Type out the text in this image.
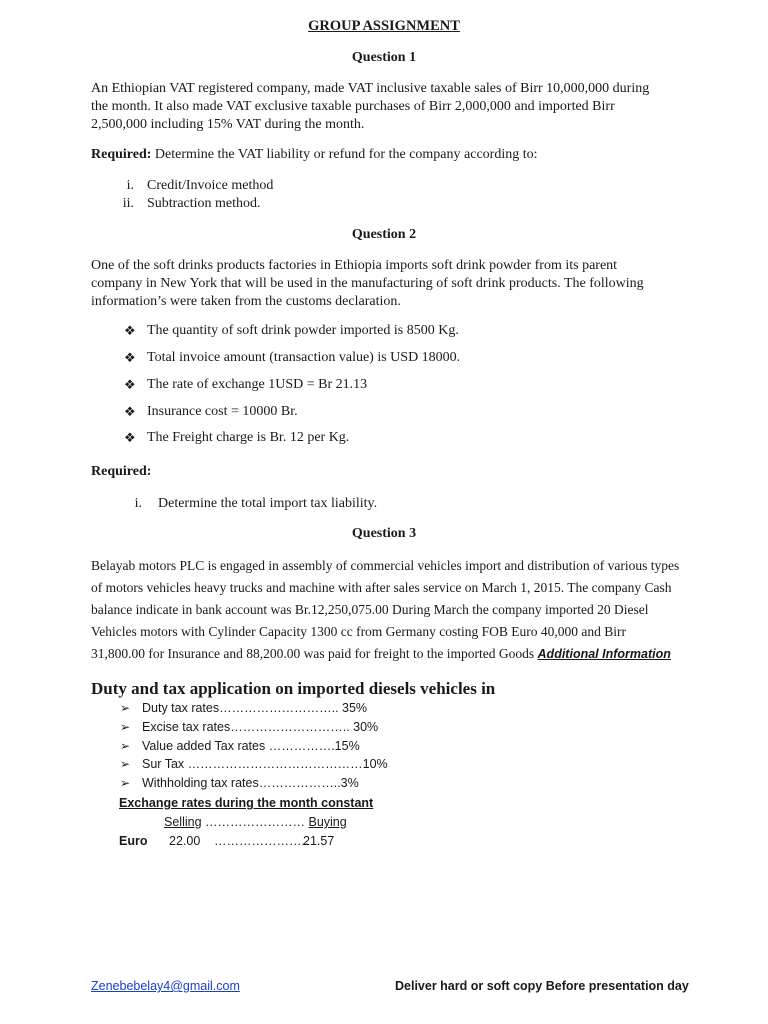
GROUP ASSIGNMENT
Question 1
An Ethiopian VAT registered company, made VAT inclusive taxable sales of Birr 10,000,000 during
the month. It also made VAT exclusive taxable purchases of Birr 2,000,000 and imported Birr
2,500,000 including 15% VAT during the month.
Required: Determine the VAT liability or refund for the company according to:
i. Credit/Invoice method
ii. Subtraction method.
Question 2
One of the soft drinks products factories in Ethiopia imports soft drink powder from its parent
company in New York that will be used in the manufacturing of soft drink products. The following
information’s were taken from the customs declaration.
❖ The quantity of soft drink powder imported is 8500 Kg.
❖ Total invoice amount (transaction value) is USD 18000.
❖ The rate of exchange 1USD = Br 21.13
❖ Insurance cost = 10000 Br.
❖ The Freight charge is Br. 12 per Kg.
Required:
i. Determine the total import tax liability.
Question 3
Belayab motors PLC is engaged in assembly of commercial vehicles import and distribution of various types
of motors vehicles heavy trucks and machine with after sales service on March 1, 2015. The company Cash
balance indicate in bank account was Br.12,250,075.00 During March the company imported 20 Diesel
Vehicles motors with Cylinder Capacity 1300 cc from Germany costing FOB Euro 40,000 and Birr
31,800.00 for Insurance and 88,200.00 was paid for freight to the imported Goods Additional Information
Duty and tax application on imported diesels vehicles in
➢ Duty tax rates……………………….. 35%
➢ Excise tax rates……………………….. 30%
➢ Value added Tax rates …………….15%
➢ Sur Tax ……………………………………10%
➢ Withholding tax rates………………..3%
Exchange rates during the month constant
Selling …………………… Buying
Euro 22.00 …………………..
21.57
Zenebebelay4@gmail.com	Deliver hard or soft copy Before presentation day
